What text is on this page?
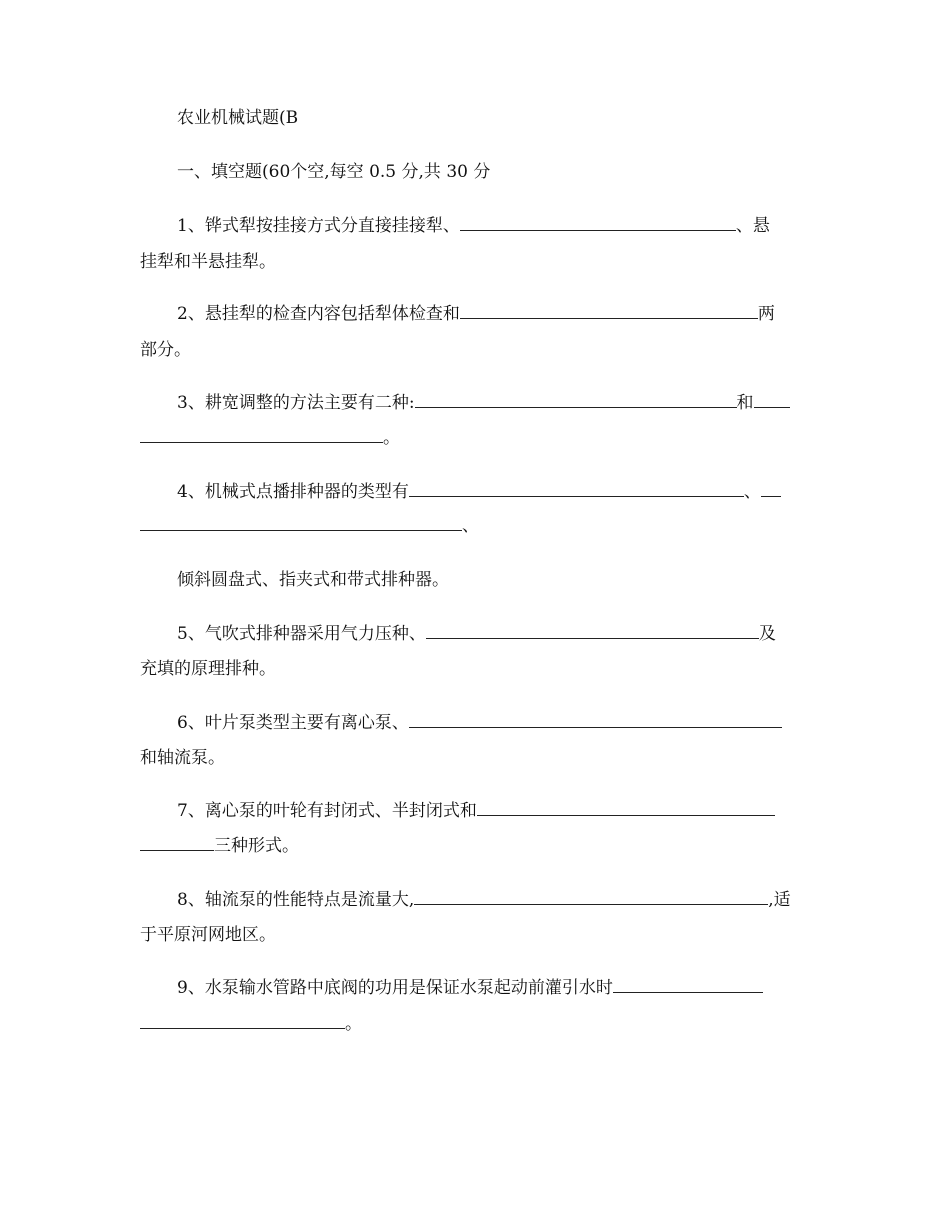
农业机械试题(B
一、填空题(60个空,每空 0.5 分,共 30 分
1、铧式犁按挂接方式分直接挂接犁、	、悬
挂犁和半悬挂犁。
2、悬挂犁的检查内容包括犁体检查和	两
部分。
3、耕宽调整的方法主要有二种:	和
。
4、机械式点播排种器的类型有	、
、
倾斜圆盘式、指夹式和带式排种器。
5、气吹式排种器采用气力压种、	及
充填的原理排种。
6、叶片泵类型主要有离心泵、
和轴流泵。
7、离心泵的叶轮有封闭式、半封闭式和
三种形式。
8、轴流泵的性能特点是流量大,	,适
于平原河网地区。
9、水泵输水管路中底阀的功用是保证水泵起动前灌引水时
。
